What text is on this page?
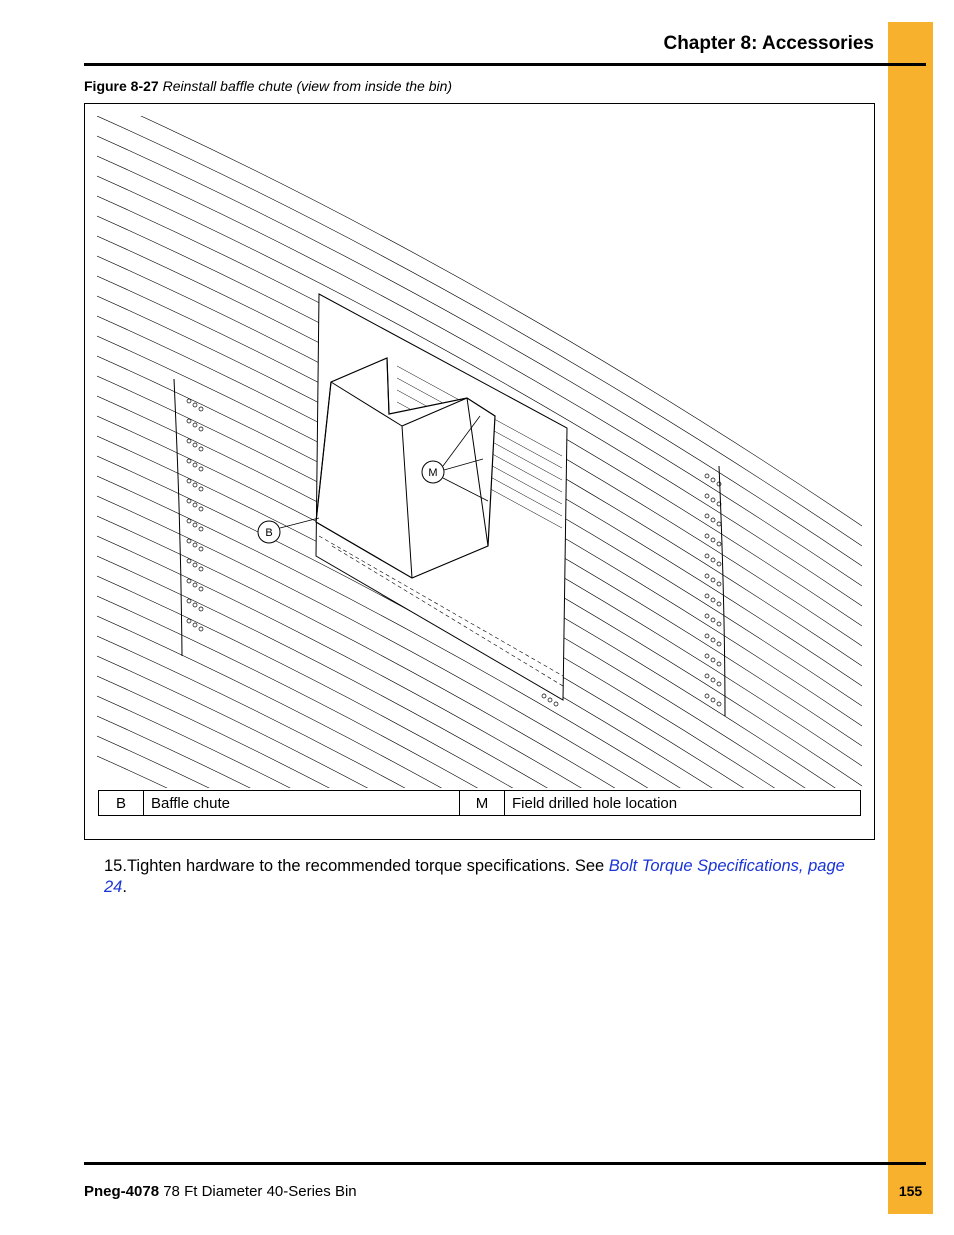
Chapter 8: Accessories
Figure 8-27 Reinstall baffle chute (view from inside the bin)
M
B
B	Baffle chute	M	Field drilled hole location
15.Tighten hardware to the recommended torque specifications. See Bolt Torque Specifications, page 24.
Pneg-4078 78 Ft Diameter 40-Series Bin	155
